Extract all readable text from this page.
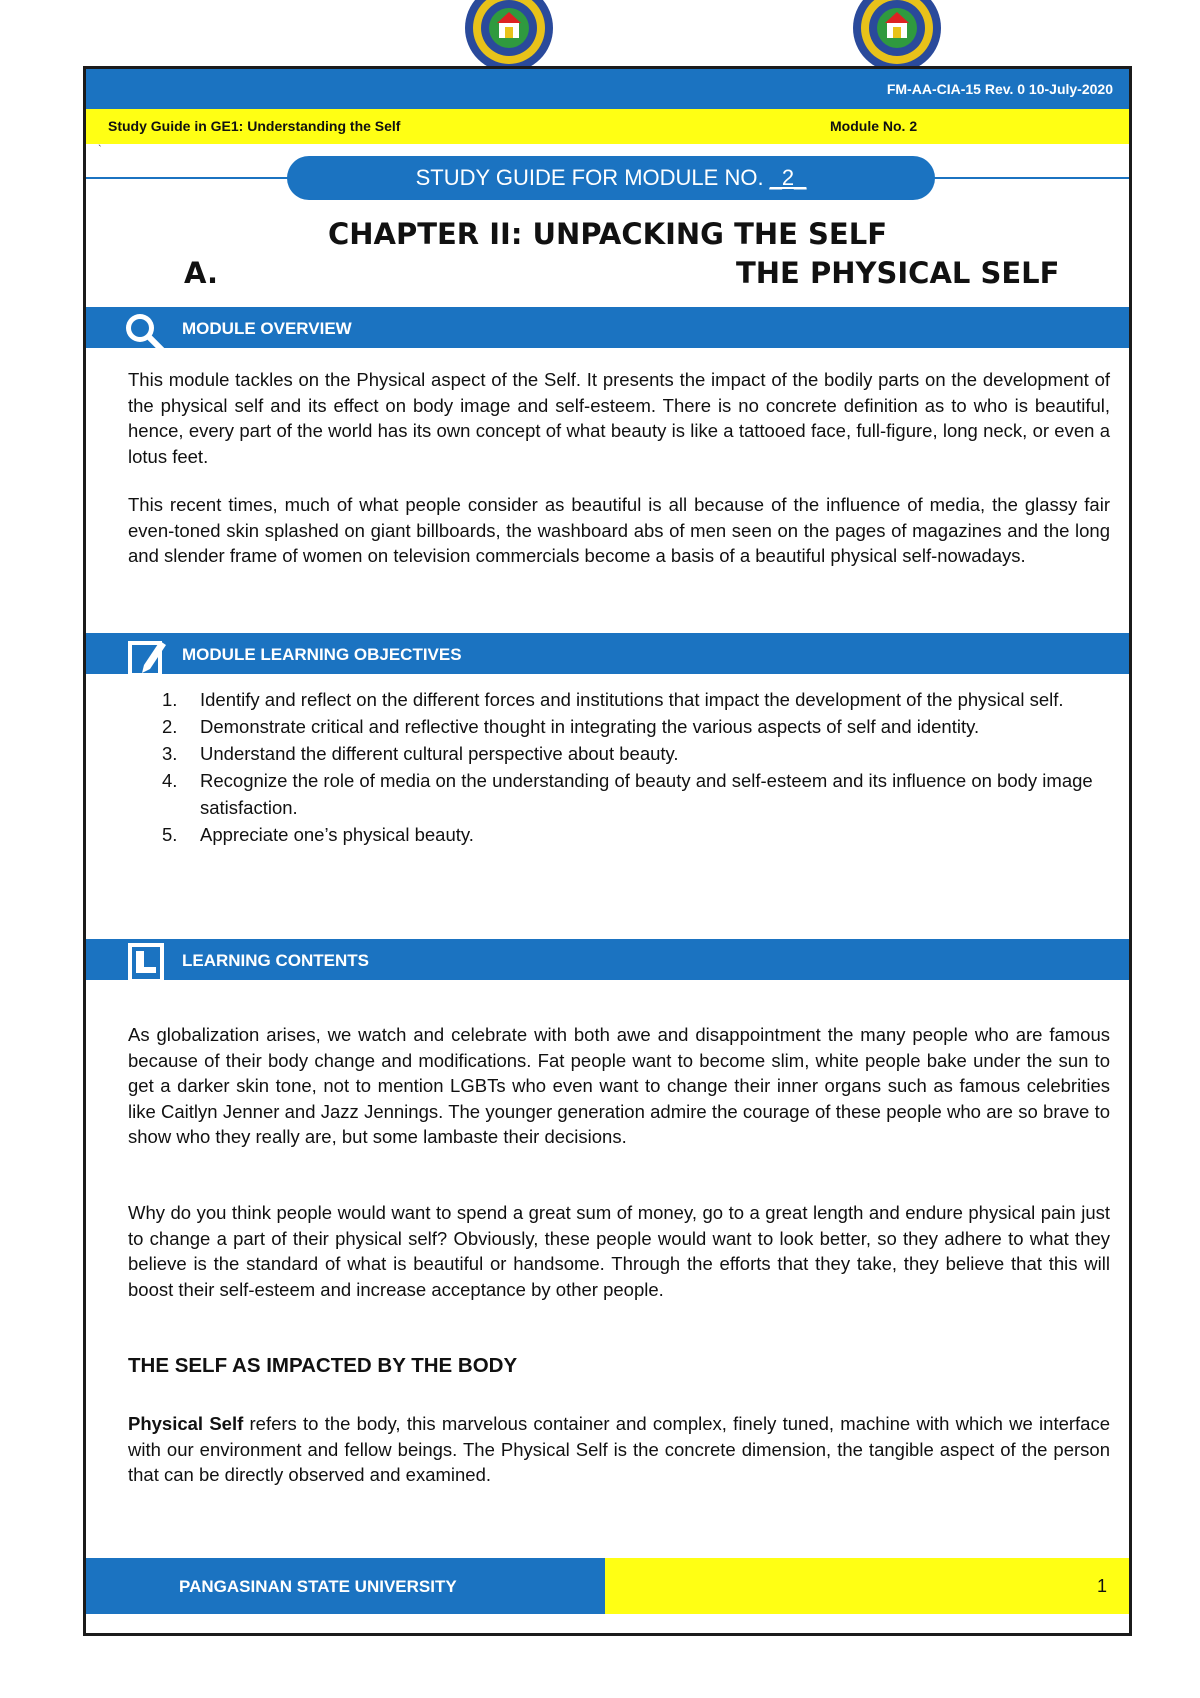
FM-AA-CIA-15 Rev. 0 10-July-2020
Study Guide in GE1: Understanding the Self	Module No. 2
`
STUDY GUIDE FOR MODULE NO. _2_
CHAPTER II: UNPACKING THE SELF
A.	THE PHYSICAL SELF
MODULE OVERVIEW

This module tackles on the Physical aspect of the Self. It presents the impact of the bodily parts on the development of the physical self and its effect on body image and self-esteem. There is no concrete definition as to who is beautiful, hence, every part of the world has its own concept of what beauty is like a tattooed face, full-figure, long neck, or even a lotus feet.

This recent times, much of what people consider as beautiful is all because of the influence of media, the glassy fair even-toned skin splashed on giant billboards, the washboard abs of men seen on the pages of magazines and the long and slender frame of women on television commercials become a basis of a beautiful physical self-nowadays.

MODULE LEARNING OBJECTIVES
1. Identify and reflect on the different forces and institutions that impact the development of the physical self.
2. Demonstrate critical and reflective thought in integrating the various aspects of self and identity.
3. Understand the different cultural perspective about beauty.
4. Recognize the role of media on the understanding of beauty and self-esteem and its influence on body image satisfaction.
5. Appreciate one’s physical beauty.
LEARNING CONTENTS

As globalization arises, we watch and celebrate with both awe and disappointment the many people who are famous because of their body change and modifications. Fat people want to become slim, white people bake under the sun to get a darker skin tone, not to mention LGBTs who even want to change their inner organs such as famous celebrities like Caitlyn Jenner and Jazz Jennings. The younger generation admire the courage of these people who are so brave to show who they really are, but some lambaste their decisions.

Why do you think people would want to spend a great sum of money, go to a great length and endure physical pain just to change a part of their physical self? Obviously, these people would want to look better, so they adhere to what they believe is the standard of what is beautiful or handsome. Through the efforts that they take, they believe that this will boost their self-esteem and increase acceptance by other people.

THE SELF AS IMPACTED BY THE BODY

Physical Self refers to the body, this marvelous container and complex, finely tuned, machine with which we interface with our environment and fellow beings. The Physical Self is the concrete dimension, the tangible aspect of the person that can be directly observed and examined.

PANGASINAN STATE UNIVERSITY	1
